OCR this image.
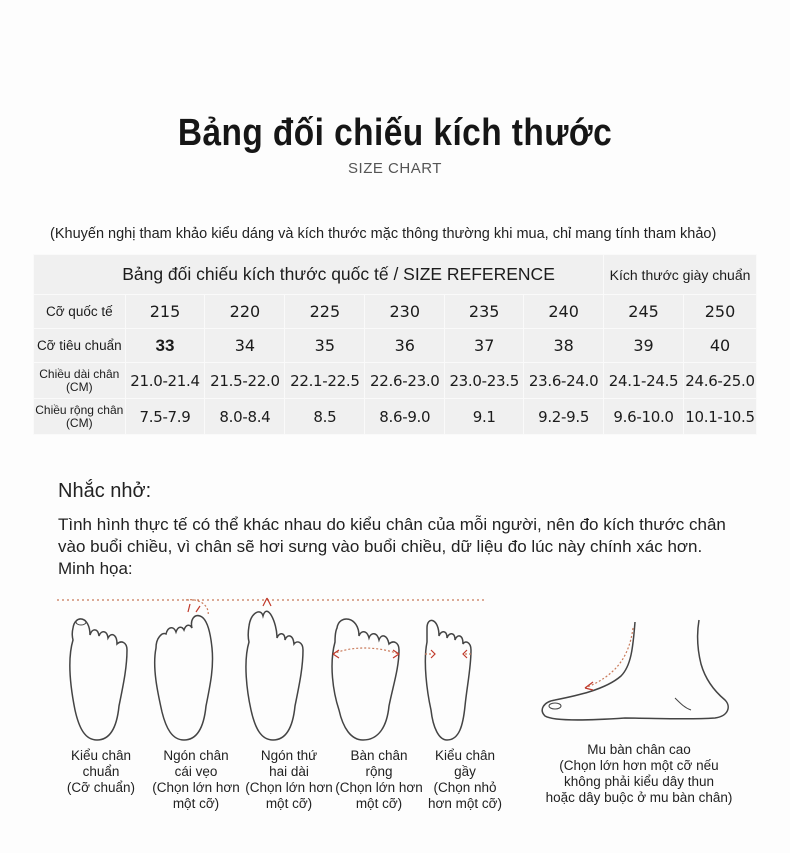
Bảng đối chiếu kích thước
SIZE CHART
(Khuyến nghị tham khảo kiểu dáng và kích thước mặc thông thường khi mua, chỉ mang tính tham khảo)
Bảng đối chiếu kích thước quốc tế / SIZE REFERENCE							Kích thước giày chuẩn	
Cỡ quốc tế	215	220	225	230	235	240	245	250
Cỡ tiêu chuẩn	33	34	35	36	37	38	39	40
Chiều dài chân (CM)	21.0-21.4	21.5-22.0	22.1-22.5	22.6-23.0	23.0-23.5	23.6-24.0	24.1-24.5	24.6-25.0
Chiều rộng chân (CM)	7.5-7.9	8.0-8.4	8.5	8.6-9.0	9.1	9.2-9.5	9.6-10.0	10.1-10.5
Nhắc nhở:
Tình hình thực tế có thể khác nhau do kiểu chân của mỗi người, nên đo kích thước chân
vào buổi chiều, vì chân sẽ hơi sưng vào buổi chiều, dữ liệu đo lúc này chính xác hơn.
Minh họa:
Kiểu chân
chuẩn
(Cỡ chuẩn)
Ngón chân
cái vẹo
(Chọn lớn hơn
một cỡ)
Ngón thứ
hai dài
(Chọn lớn hơn
một cỡ)
Bàn chân
rộng
(Chọn lớn hơn
một cỡ)
Kiểu chân
gầy
(Chọn nhỏ
hơn một cỡ)
Mu bàn chân cao
(Chọn lớn hơn một cỡ nếu
không phải kiểu dây thun
hoặc dây buộc ở mu bàn chân)
